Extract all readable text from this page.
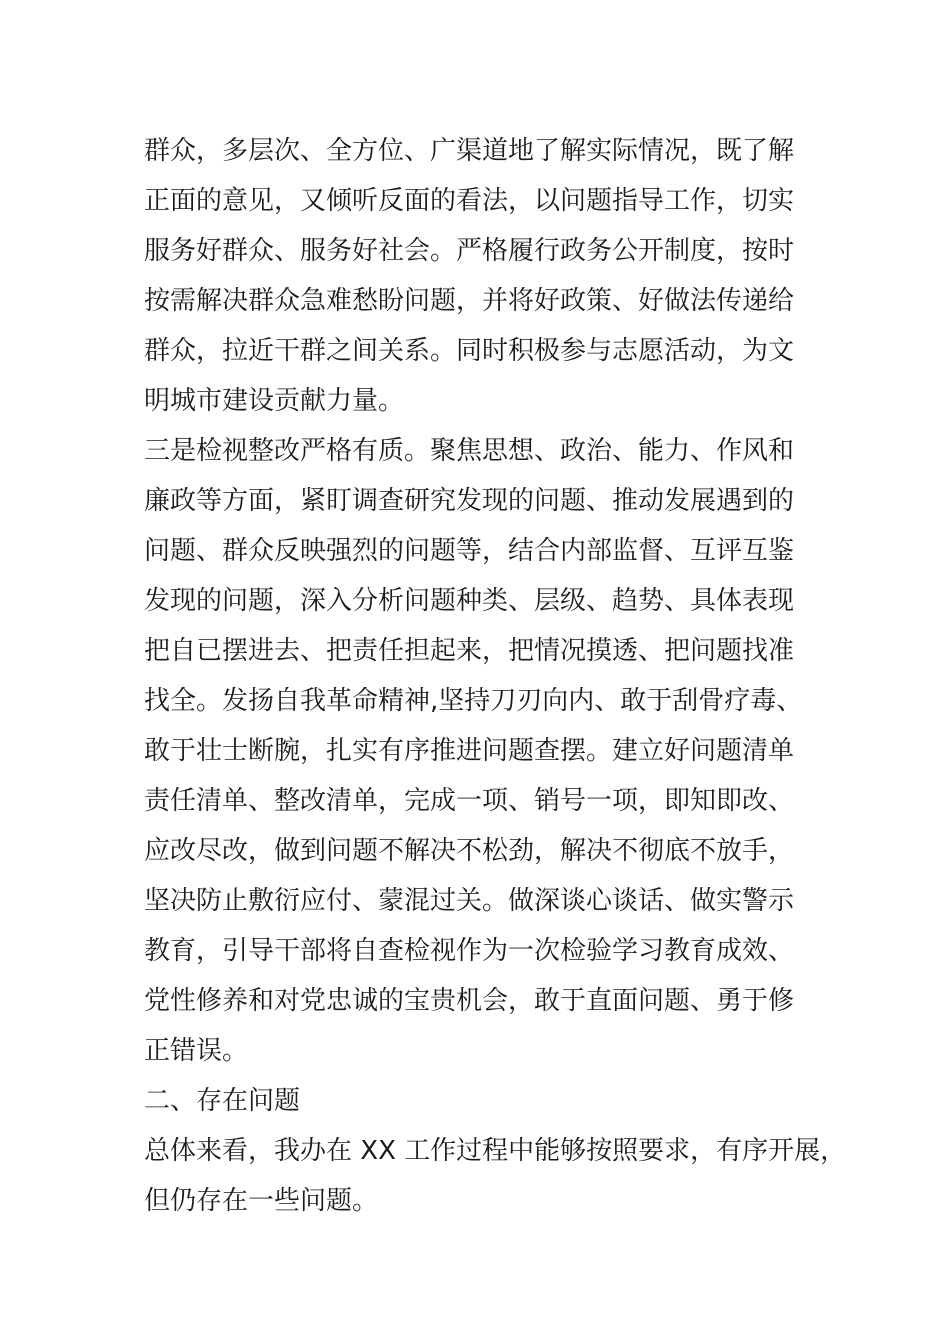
群众，多层次、全方位、广渠道地了解实际情况，既了解
正面的意见，又倾听反面的看法，以问题指导工作，切实
服务好群众、服务好社会。严格履行政务公开制度，按时
按需解决群众急难愁盼问题，并将好政策、好做法传递给
群众，拉近干群之间关系。同时积极参与志愿活动，为文
明城市建设贡献力量。
三是检视整改严格有质。聚焦思想、政治、能力、作风和
廉政等方面，紧盯调查研究发现的问题、推动发展遇到的
问题、群众反映强烈的问题等，结合内部监督、互评互鉴
发现的问题，深入分析问题种类、层级、趋势、具体表现
把自已摆进去、把责任担起来，把情况摸透、把问题找准
找全。发扬自我革命精神,坚持刀刃向内、敢于刮骨疗毒、
敢于壮士断腕，扎实有序推进问题查摆。建立好问题清单
责任清单、整改清单，完成一项、销号一项，即知即改、
应改尽改，做到问题不解决不松劲，解决不彻底不放手，
坚决防止敷衍应付、蒙混过关。做深谈心谈话、做实警示
教育，引导干部将自查检视作为一次检验学习教育成效、
党性修养和对党忠诚的宝贵机会，敢于直面问题、勇于修
正错误。
二、存在问题
总体来看，我办在 XX 工作过程中能够按照要求，有序开展，
但仍存在一些问题。
